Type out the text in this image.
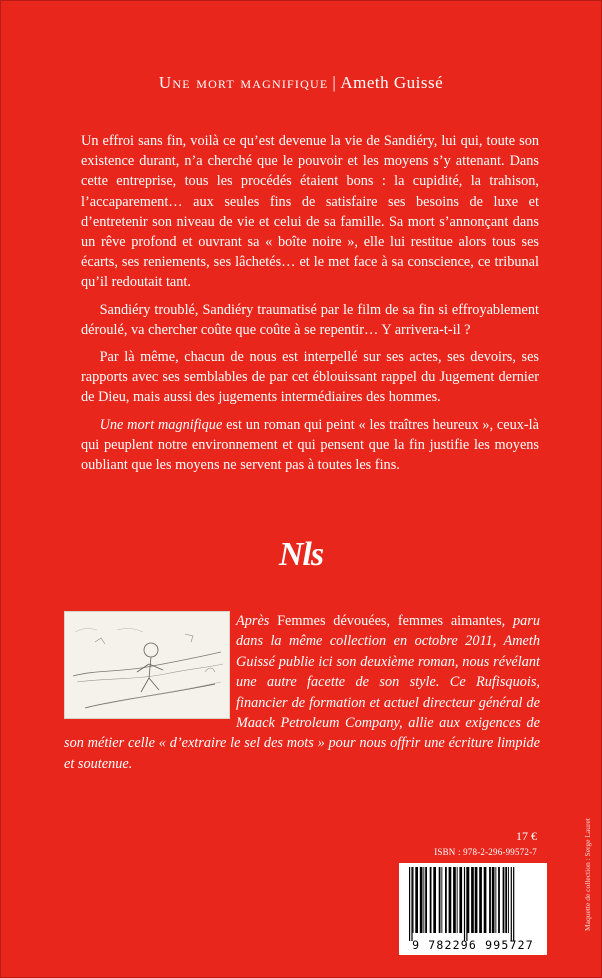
Une mort magnifique | Ameth Guissé

Un effroi sans fin, voilà ce qu’est devenue la vie de Sandiéry, lui qui, toute son existence durant, n’a cherché que le pouvoir et les moyens s’y attenant. Dans cette entreprise, tous les procédés étaient bons : la cupidité, la trahison, l’accaparement… aux seules fins de satisfaire ses besoins de luxe et d’entretenir son niveau de vie et celui de sa famille. Sa mort s’annonçant dans un rêve profond et ouvrant sa « boîte noire », elle lui restitue alors tous ses écarts, ses reniements, ses lâchetés… et le met face à sa conscience, ce tribunal qu’il redoutait tant.

Sandiéry troublé, Sandiéry traumatisé par le film de sa fin si effroyablement déroulé, va chercher coûte que coûte à se repentir… Y arrivera-t-il ?

Par là même, chacun de nous est interpellé sur ses actes, ses devoirs, ses rapports avec ses semblables de par cet éblouissant rappel du Jugement dernier de Dieu, mais aussi des jugements intermédiaires des hommes.

Une mort magnifique est un roman qui peint « les traîtres heureux », ceux-là qui peuplent notre environnement et qui pensent que la fin justifie les moyens oubliant que les moyens ne servent pas à toutes les fins.

Nls
Après Femmes dévouées, femmes aimantes, paru dans la même collection en octobre 2011, Ameth Guissé publie ici son deuxième roman, nous révélant une autre facette de son style. Ce Rufisquois, financier de formation et actuel directeur général de Maack Petroleum Company, allie aux exigences de son métier celle « d’extraire le sel des mots » pour nous offrir une écriture limpide et soutenue.
17 €
ISBN : 978-2-296-99572-7
9 782296 995727
Maquette de collection : Serge Lauret
